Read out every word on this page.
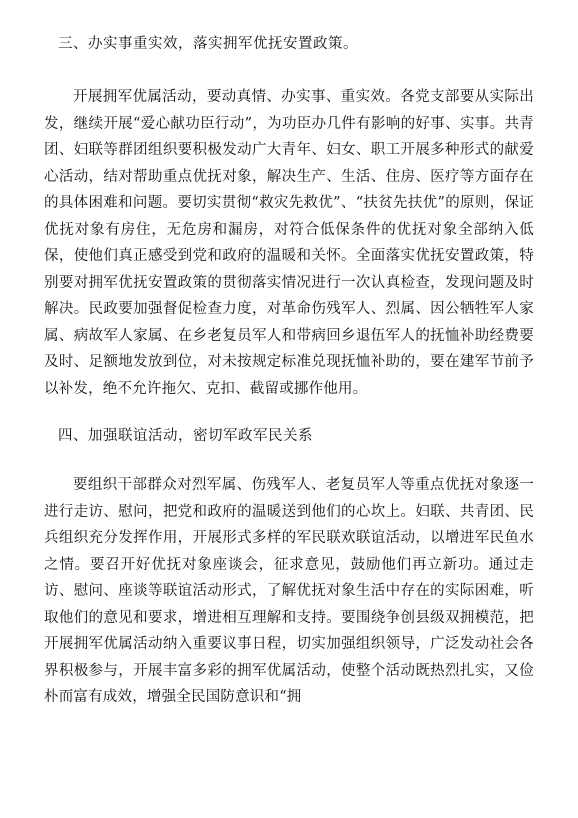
三、办实事重实效，落实拥军优抚安置政策。

开展拥军优属活动，要动真情、办实事、重实效。各党支部要从实际出发，继续开展“爱心献功臣行动”，为功臣办几件有影响的好事、实事。共青团、妇联等群团组织要积极发动广大青年、妇女、职工开展多种形式的献爱心活动，结对帮助重点优抚对象，解决生产、生活、住房、医疗等方面存在的具体困难和问题。要切实贯彻“救灾先救优”、“扶贫先扶优”的原则，保证优抚对象有房住，无危房和漏房，对符合低保条件的优抚对象全部纳入低保，使他们真正感受到党和政府的温暖和关怀。全面落实优抚安置政策，特别要对拥军优抚安置政策的贯彻落实情况进行一次认真检查，发现问题及时解决。民政要加强督促检查力度，对革命伤残军人、烈属、因公牺牲军人家属、病故军人家属、在乡老复员军人和带病回乡退伍军人的抚恤补助经费要及时、足额地发放到位，对未按规定标准兑现抚恤补助的，要在建军节前予以补发，绝不允许拖欠、克扣、截留或挪作他用。

四、加强联谊活动，密切军政军民关系

要组织干部群众对烈军属、伤残军人、老复员军人等重点优抚对象逐一进行走访、慰问，把党和政府的温暖送到他们的心坎上。妇联、共青团、民兵组织充分发挥作用，开展形式多样的军民联欢联谊活动，以增进军民鱼水之情。要召开好优抚对象座谈会，征求意见，鼓励他们再立新功。通过走访、慰问、座谈等联谊活动形式，了解优抚对象生活中存在的实际困难，听取他们的意见和要求，增进相互理解和支持。要围绕争创县级双拥模范，把开展拥军优属活动纳入重要议事日程，切实加强组织领导，广泛发动社会各界积极参与，开展丰富多彩的拥军优属活动，使整个活动既热烈扎实，又俭朴而富有成效，增强全民国防意识和“拥
